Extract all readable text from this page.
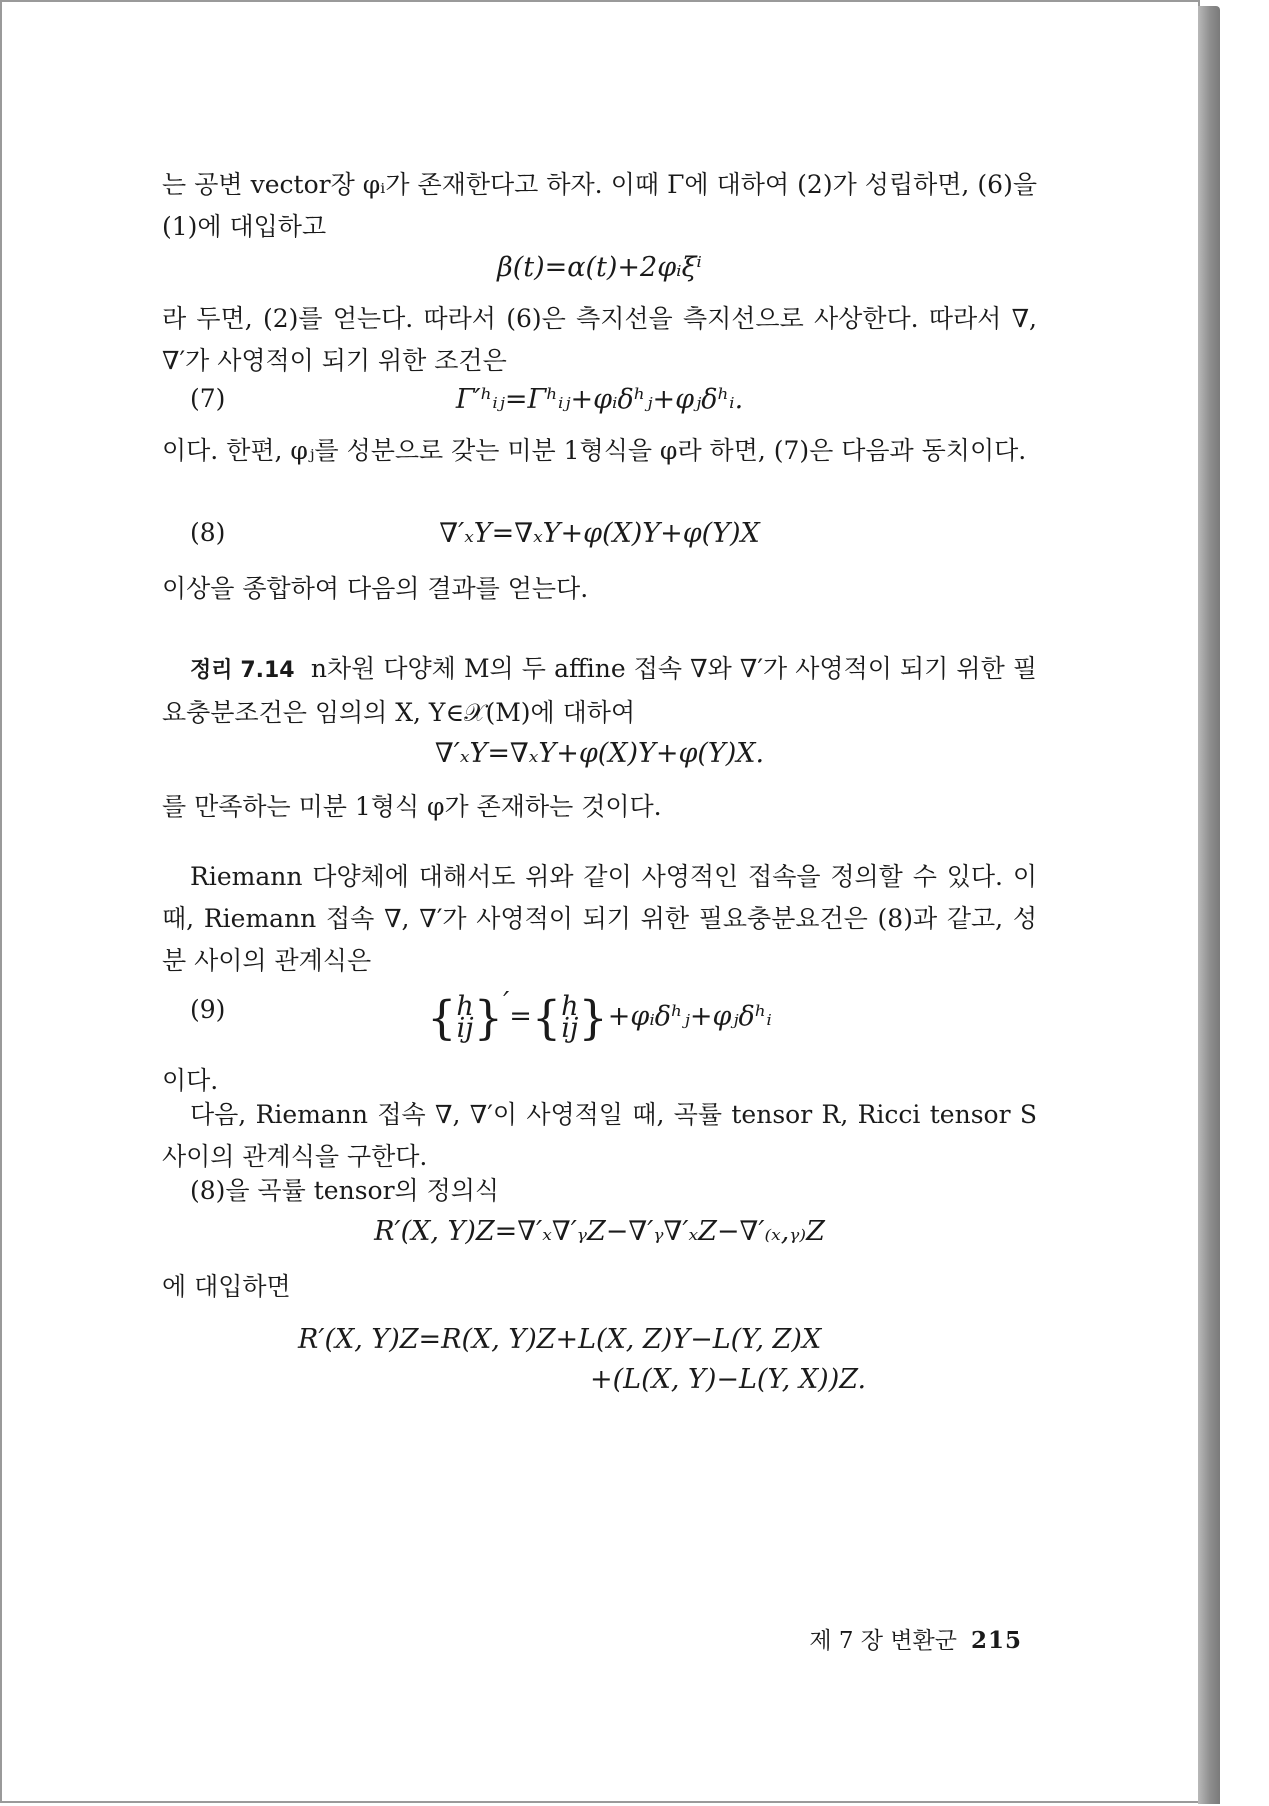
는 공변 vector장 φᵢ가 존재한다고 하자. 이때 Γ에 대하여 (2)가 성립하면, (6)을 (1)에 대입하고
β(t)=α(t)+2φᵢξⁱ
라 두면, (2)를 얻는다. 따라서 (6)은 측지선을 측지선으로 사상한다. 따라서 ∇, ∇′가 사영적이 되기 위한 조건은
(7)	Γ′ʰᵢⱼ=Γʰᵢⱼ+φᵢδʰⱼ+φⱼδʰᵢ.
이다. 한편, φⱼ를 성분으로 갖는 미분 1형식을 φ라 하면, (7)은 다음과 동치이다.
(8)	∇′ₓY=∇ₓY+φ(X)Y+φ(Y)X
이상을 종합하여 다음의 결과를 얻는다.
정리 7.14 n차원 다양체 M의 두 affine 접속 ∇와 ∇′가 사영적이 되기 위한 필요충분조건은 임의의 X, Y∈𝒳(M)에 대하여
∇′ₓY=∇ₓY+φ(X)Y+φ(Y)X.
를 만족하는 미분 1형식 φ가 존재하는 것이다.
Riemann 다양체에 대해서도 위와 같이 사영적인 접속을 정의할 수 있다. 이때, Riemann 접속 ∇, ∇′가 사영적이 되기 위한 필요충분요건은 (8)과 같고, 성분 사이의 관계식은
(9)	{h
ij}′={h
ij}+φᵢδʰⱼ+φⱼδʰᵢ
이다.
다음, Riemann 접속 ∇, ∇′이 사영적일 때, 곡률 tensor R, Ricci tensor S 사이의 관계식을 구한다.
(8)을 곡률 tensor의 정의식
R′(X, Y)Z=∇′ₓ∇′ᵧZ−∇′ᵧ∇′ₓZ−∇′₍ₓ,ᵧ₎Z
에 대입하면
R′(X, Y)Z=R(X, Y)Z+L(X, Z)Y−L(Y, Z)X
+(L(X, Y)−L(Y, X))Z.
제 7 장 변환군 215
